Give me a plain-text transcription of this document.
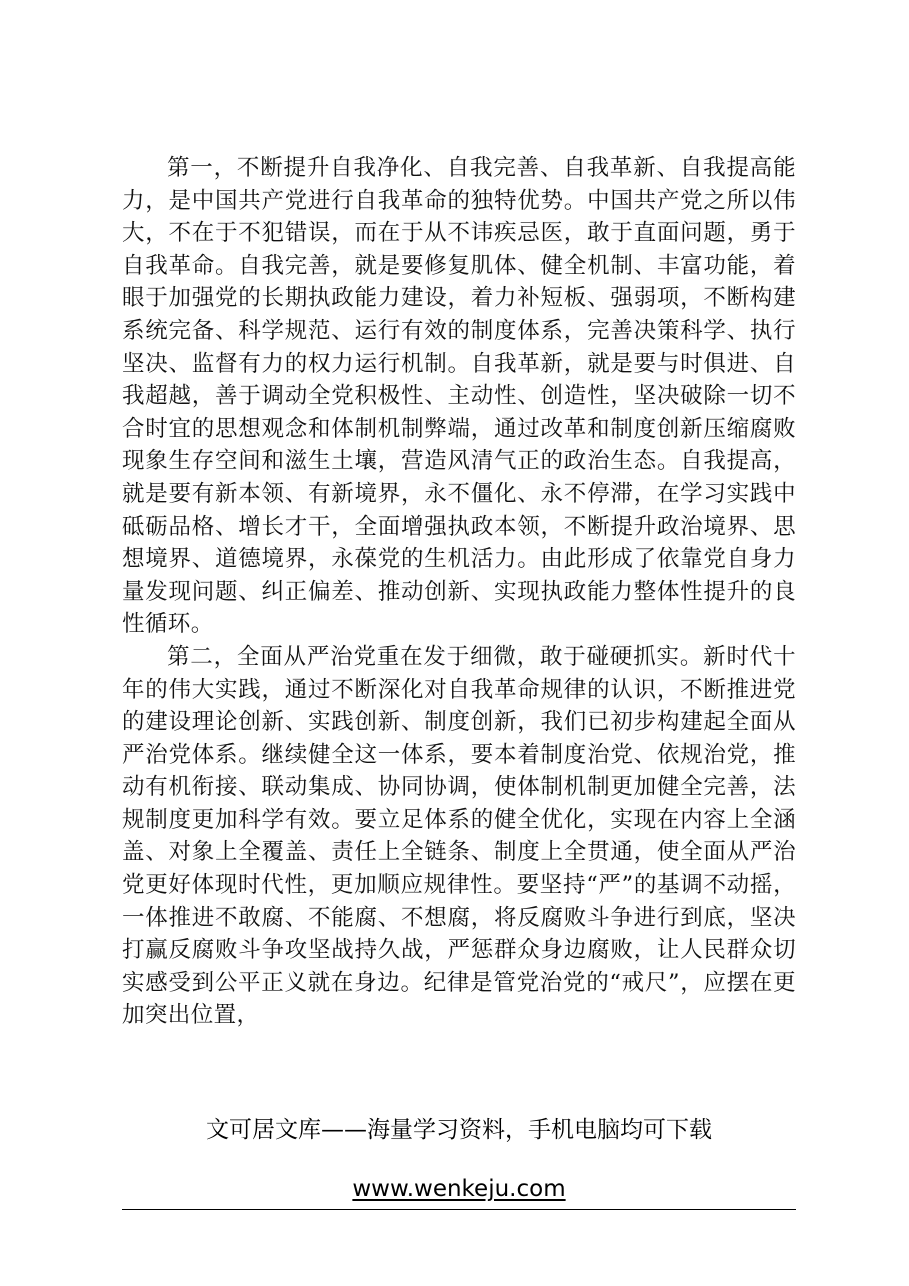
第一，不断提升自我净化、自我完善、自我革新、自我提高能力，是中国共产党进行自我革命的独特优势。中国共产党之所以伟大，不在于不犯错误，而在于从不讳疾忌医，敢于直面问题，勇于自我革命。自我完善，就是要修复肌体、健全机制、丰富功能，着眼于加强党的长期执政能力建设，着力补短板、强弱项，不断构建系统完备、科学规范、运行有效的制度体系，完善决策科学、执行坚决、监督有力的权力运行机制。自我革新，就是要与时俱进、自我超越，善于调动全党积极性、主动性、创造性，坚决破除一切不合时宜的思想观念和体制机制弊端，通过改革和制度创新压缩腐败现象生存空间和滋生土壤，营造风清气正的政治生态。自我提高，就是要有新本领、有新境界，永不僵化、永不停滞，在学习实践中砥砺品格、增长才干，全面增强执政本领，不断提升政治境界、思想境界、道德境界，永葆党的生机活力。由此形成了依靠党自身力量发现问题、纠正偏差、推动创新、实现执政能力整体性提升的良性循环。

第二，全面从严治党重在发于细微，敢于碰硬抓实。新时代十年的伟大实践，通过不断深化对自我革命规律的认识，不断推进党的建设理论创新、实践创新、制度创新，我们已初步构建起全面从严治党体系。继续健全这一体系，要本着制度治党、依规治党，推动有机衔接、联动集成、协同协调，使体制机制更加健全完善，法规制度更加科学有效。要立足体系的健全优化，实现在内容上全涵盖、对象上全覆盖、责任上全链条、制度上全贯通，使全面从严治党更好体现时代性，更加顺应规律性。要坚持“严”的基调不动摇，一体推进不敢腐、不能腐、不想腐，将反腐败斗争进行到底，坚决打赢反腐败斗争攻坚战持久战，严惩群众身边腐败，让人民群众切实感受到公平正义就在身边。纪律是管党治党的“戒尺”，应摆在更加突出位置，

文可居文库——海量学习资料，手机电脑均可下载
www.wenkeju.com
